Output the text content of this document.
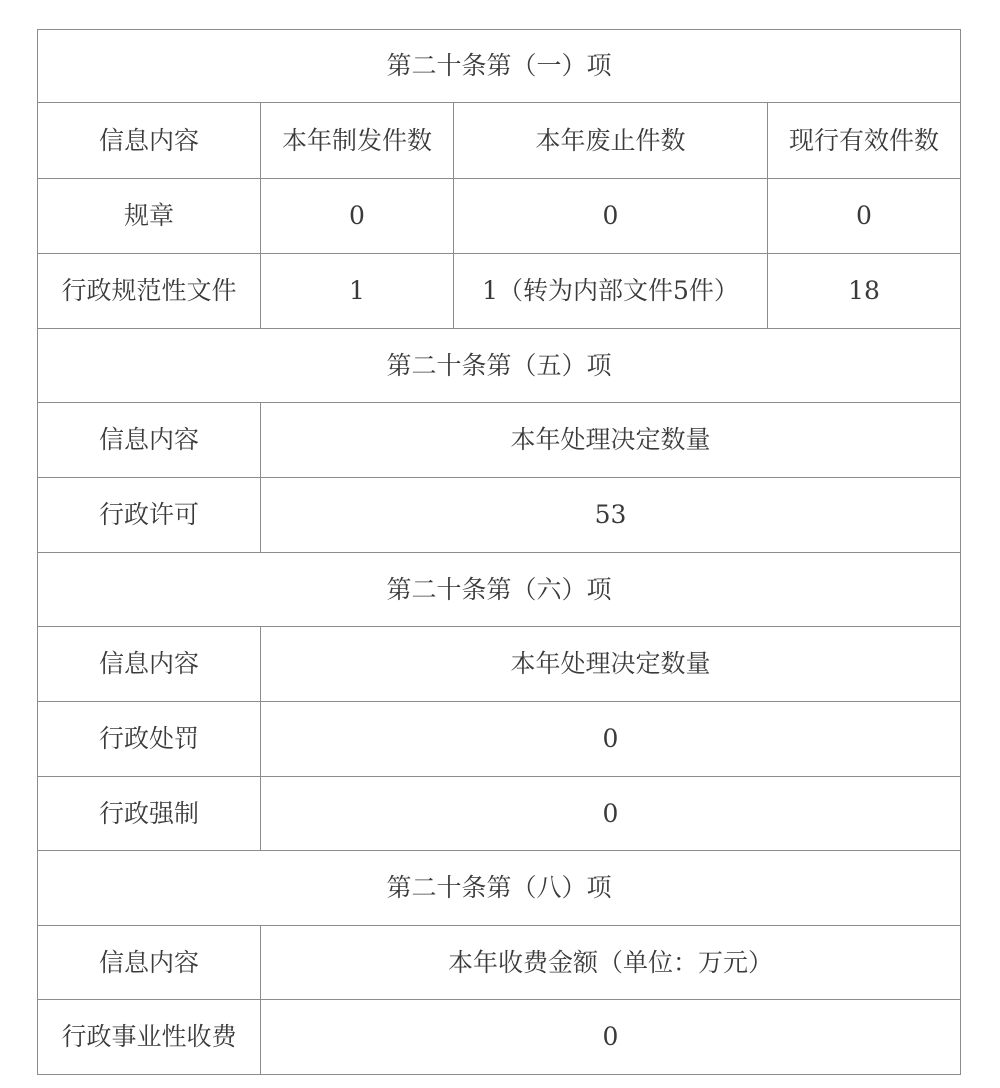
第二十条第（一）项			
信息内容	本年制发件数	本年废止件数	现行有效件数
规章	0	0	0
行政规范性文件	1	1（转为内部文件5件）	18
第二十条第（五）项			
信息内容	本年处理决定数量		
行政许可	53		
第二十条第（六）项			
信息内容	本年处理决定数量		
行政处罚	0		
行政强制	0		
第二十条第（八）项			
信息内容	本年收费金额（单位：万元）		
行政事业性收费	0		
